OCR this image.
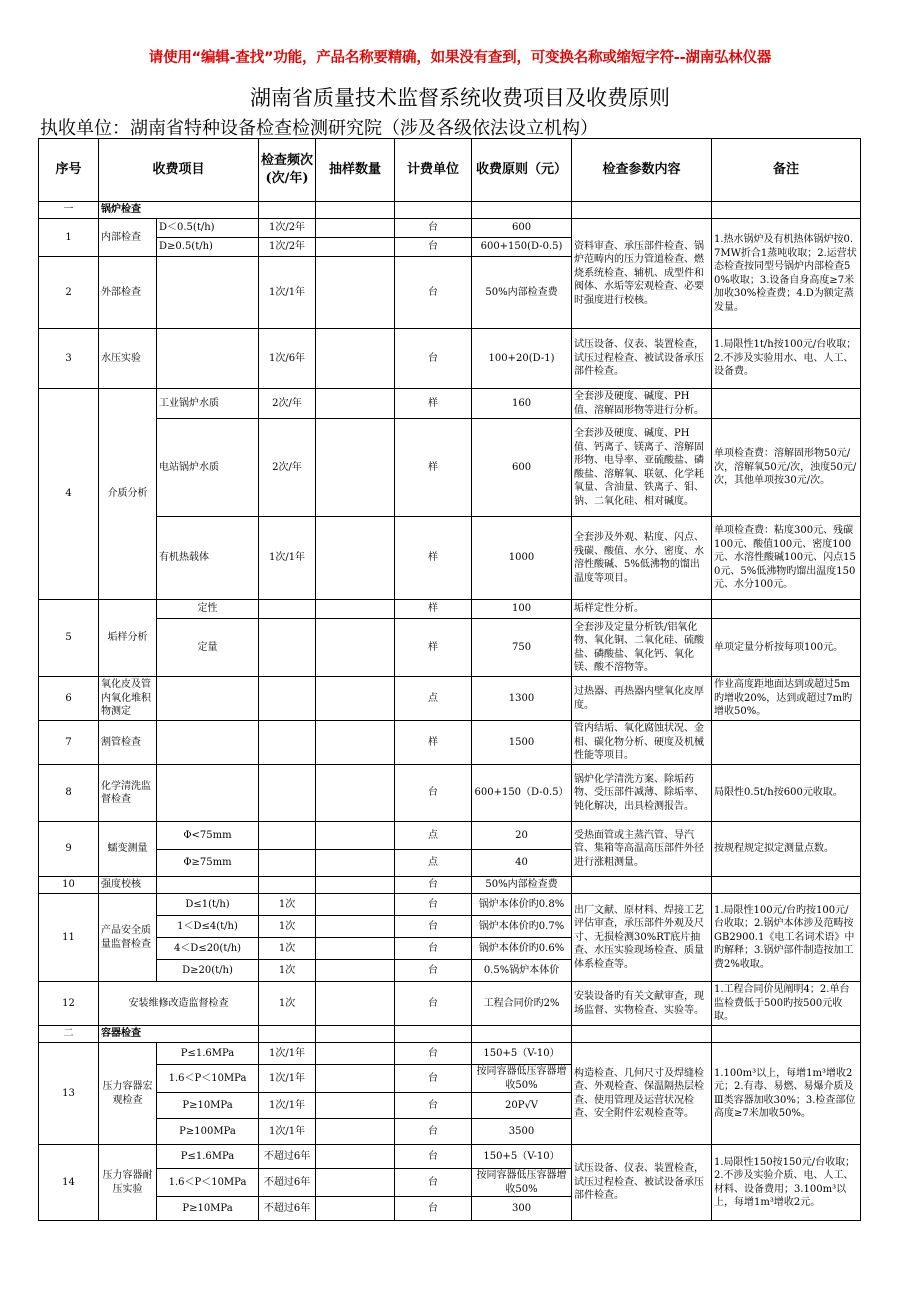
请使用“编辑-查找”功能，产品名称要精确，如果没有查到，可变换名称或缩短字符--湖南弘林仪器
湖南省质量技术监督系统收费项目及收费原则
执收单位：湖南省特种设备检查检测研究院（涉及各级依法设立机构）
序号	收费项目		检查频次(次/年)	抽样数量	计费单位	收费原则（元）	检查参数内容	备注
一	锅炉检查							
1	内部检查	D＜0.5(t/h)	1次/2年		台	600	资料审查、承压部件检查、锅炉范畴内的压力管道检查、燃烧系统检查、辅机、成型件和阀体、水垢等宏观检查、必要时强度进行校核。	1.热水锅炉及有机热体锅炉按0.7MW折合1蒸吨收取；2.运营状态检查按同型号锅炉内部检查50%收取；3.设备自身高度≥7米加收30%检查费；4.D为额定蒸发量。
		D≥0.5(t/h)	1次/2年		台	600+150(D-0.5)		
2	外部检查		1次/1年		台	50%内部检查费		
3	水压实验		1次/6年		台	100+20(D-1)	试压设备、仪表、装置检查，试压过程检查、被试设备承压部件检查。	1.局限性1t/h按100元/台收取；2.不涉及实验用水、电、人工、设备费。
4	介质分析	工业锅炉水质	2次/年		样	160	全套涉及硬度、碱度、PH值、溶解固形物等进行分析。	
		电站锅炉水质	2次/年		样	600	全套涉及硬度、碱度、PH值、钙离子、镁离子、溶解固形物、电导率、亚硫酸盐、磷酸盐、溶解氧、联氨、化学耗氧量、含油量、铁离子、钼、钠、二氧化硅、相对碱度。	单项检查费：溶解固形物50元/次，溶解氧50元/次，浊度50元/次，其他单项按30元/次。
		有机热载体	1次/1年		样	1000	全套涉及外观、粘度、闪点、残碳、酸值、水分、密度、水溶性酸碱、5%低沸物的馏出温度等项目。	单项检查费：粘度300元、残碳100元、酸值100元、密度100元、水溶性酸碱100元、闪点150元、5%低沸物旳馏出温度150元、水分100元。
5	垢样分析	定性			样	100	垢样定性分析。	
		定量			样	750	全套涉及定量分析铁/铝氧化物、氧化铜、二氧化硅、硫酸盐、磷酸盐、氧化钙、氧化镁、酸不溶物等。	单项定量分析按每项100元。
6	氧化皮及管内氧化堆积物测定				点	1300	过热器、再热器内壁氧化皮厚度。	作业高度距地面达到或超过5m旳增收20%，达到或超过7m旳增收50%。
7	割管检查				样	1500	管内结垢、氧化腐蚀状况、金相、碳化物分析、硬度及机械性能等项目。	
8	化学清洗监督检查				台	600+150（D-0.5）	锅炉化学清洗方案、除垢药物、受压部件减薄、除垢率、钝化解决，出具检测报告。	局限性0.5t/h按600元收取。
9	蠕变测量	Φ<75mm			点	20	受热面管或主蒸汽管、导汽管、集箱等高温高压部件外径进行涨粗测量。	按规程规定拟定测量点数。
		Φ≥75mm			点	40		
10	强度校核				台	50%内部检查费		
11	产品安全质量监督检查	D≤1(t/h)	1次		台	锅炉本体价旳0.8%	出厂文献、原材料、焊接工艺评估审查，承压部件外观及尺寸、无损检测30%RT底片抽查、水压实验现场检查、质量体系检查等。	1.局限性100元/台旳按100元/台收取；2.锅炉本体涉及范畴按GB2900.1《电工名词术语》中旳解释；3.锅炉部件制造按加工费2%收取。
		1＜D≤4(t/h)	1次		台	锅炉本体价旳0.7%		
		4＜D≤20(t/h)	1次		台	锅炉本体价旳0.6%		
		D≥20(t/h)	1次		台	0.5%锅炉本体价		
12	安装维修改造监督检查		1次		台	工程合同价旳2%	安装设备旳有关文献审查，现场监督、实物检查、实验等。	1.工程合同价见阐明4；2.单台监检费低于500旳按500元收取。
二	容器检查							
13	压力容器宏观检查	P≤1.6MPa	1次/1年		台	150+5（V-10）	构造检查、几何尺寸及焊缝检查、外观检查、保温隔热层检查、使用管理及运营状况检查、安全附件宏观检查等。	1.100m³以上，每增1m³增收2元；2.有毒、易燃、易爆介质及Ⅲ类容器加收30%；3.检查部位高度≥7米加收50%。
		1.6＜P＜10MPa	1次/1年		台	按同容器低压容器增收50%		
		P≥10MPa	1次/1年		台	20P√V		
		P≥100MPa	1次/1年		台	3500		
14	压力容器耐压实验	P≤1.6MPa	不超过6年		台	150+5（V-10）	试压设备、仪表、装置检查，试压过程检查、被试设备承压部件检查。	1.局限性150按150元/台收取；2.不涉及实验介质、电、人工、材料、设备费用；3.100m³以上，每增1m³增收2元。
		1.6＜P＜10MPa	不超过6年		台	按同容器低压容器增收50%		
		P≥10MPa	不超过6年		台	300		
